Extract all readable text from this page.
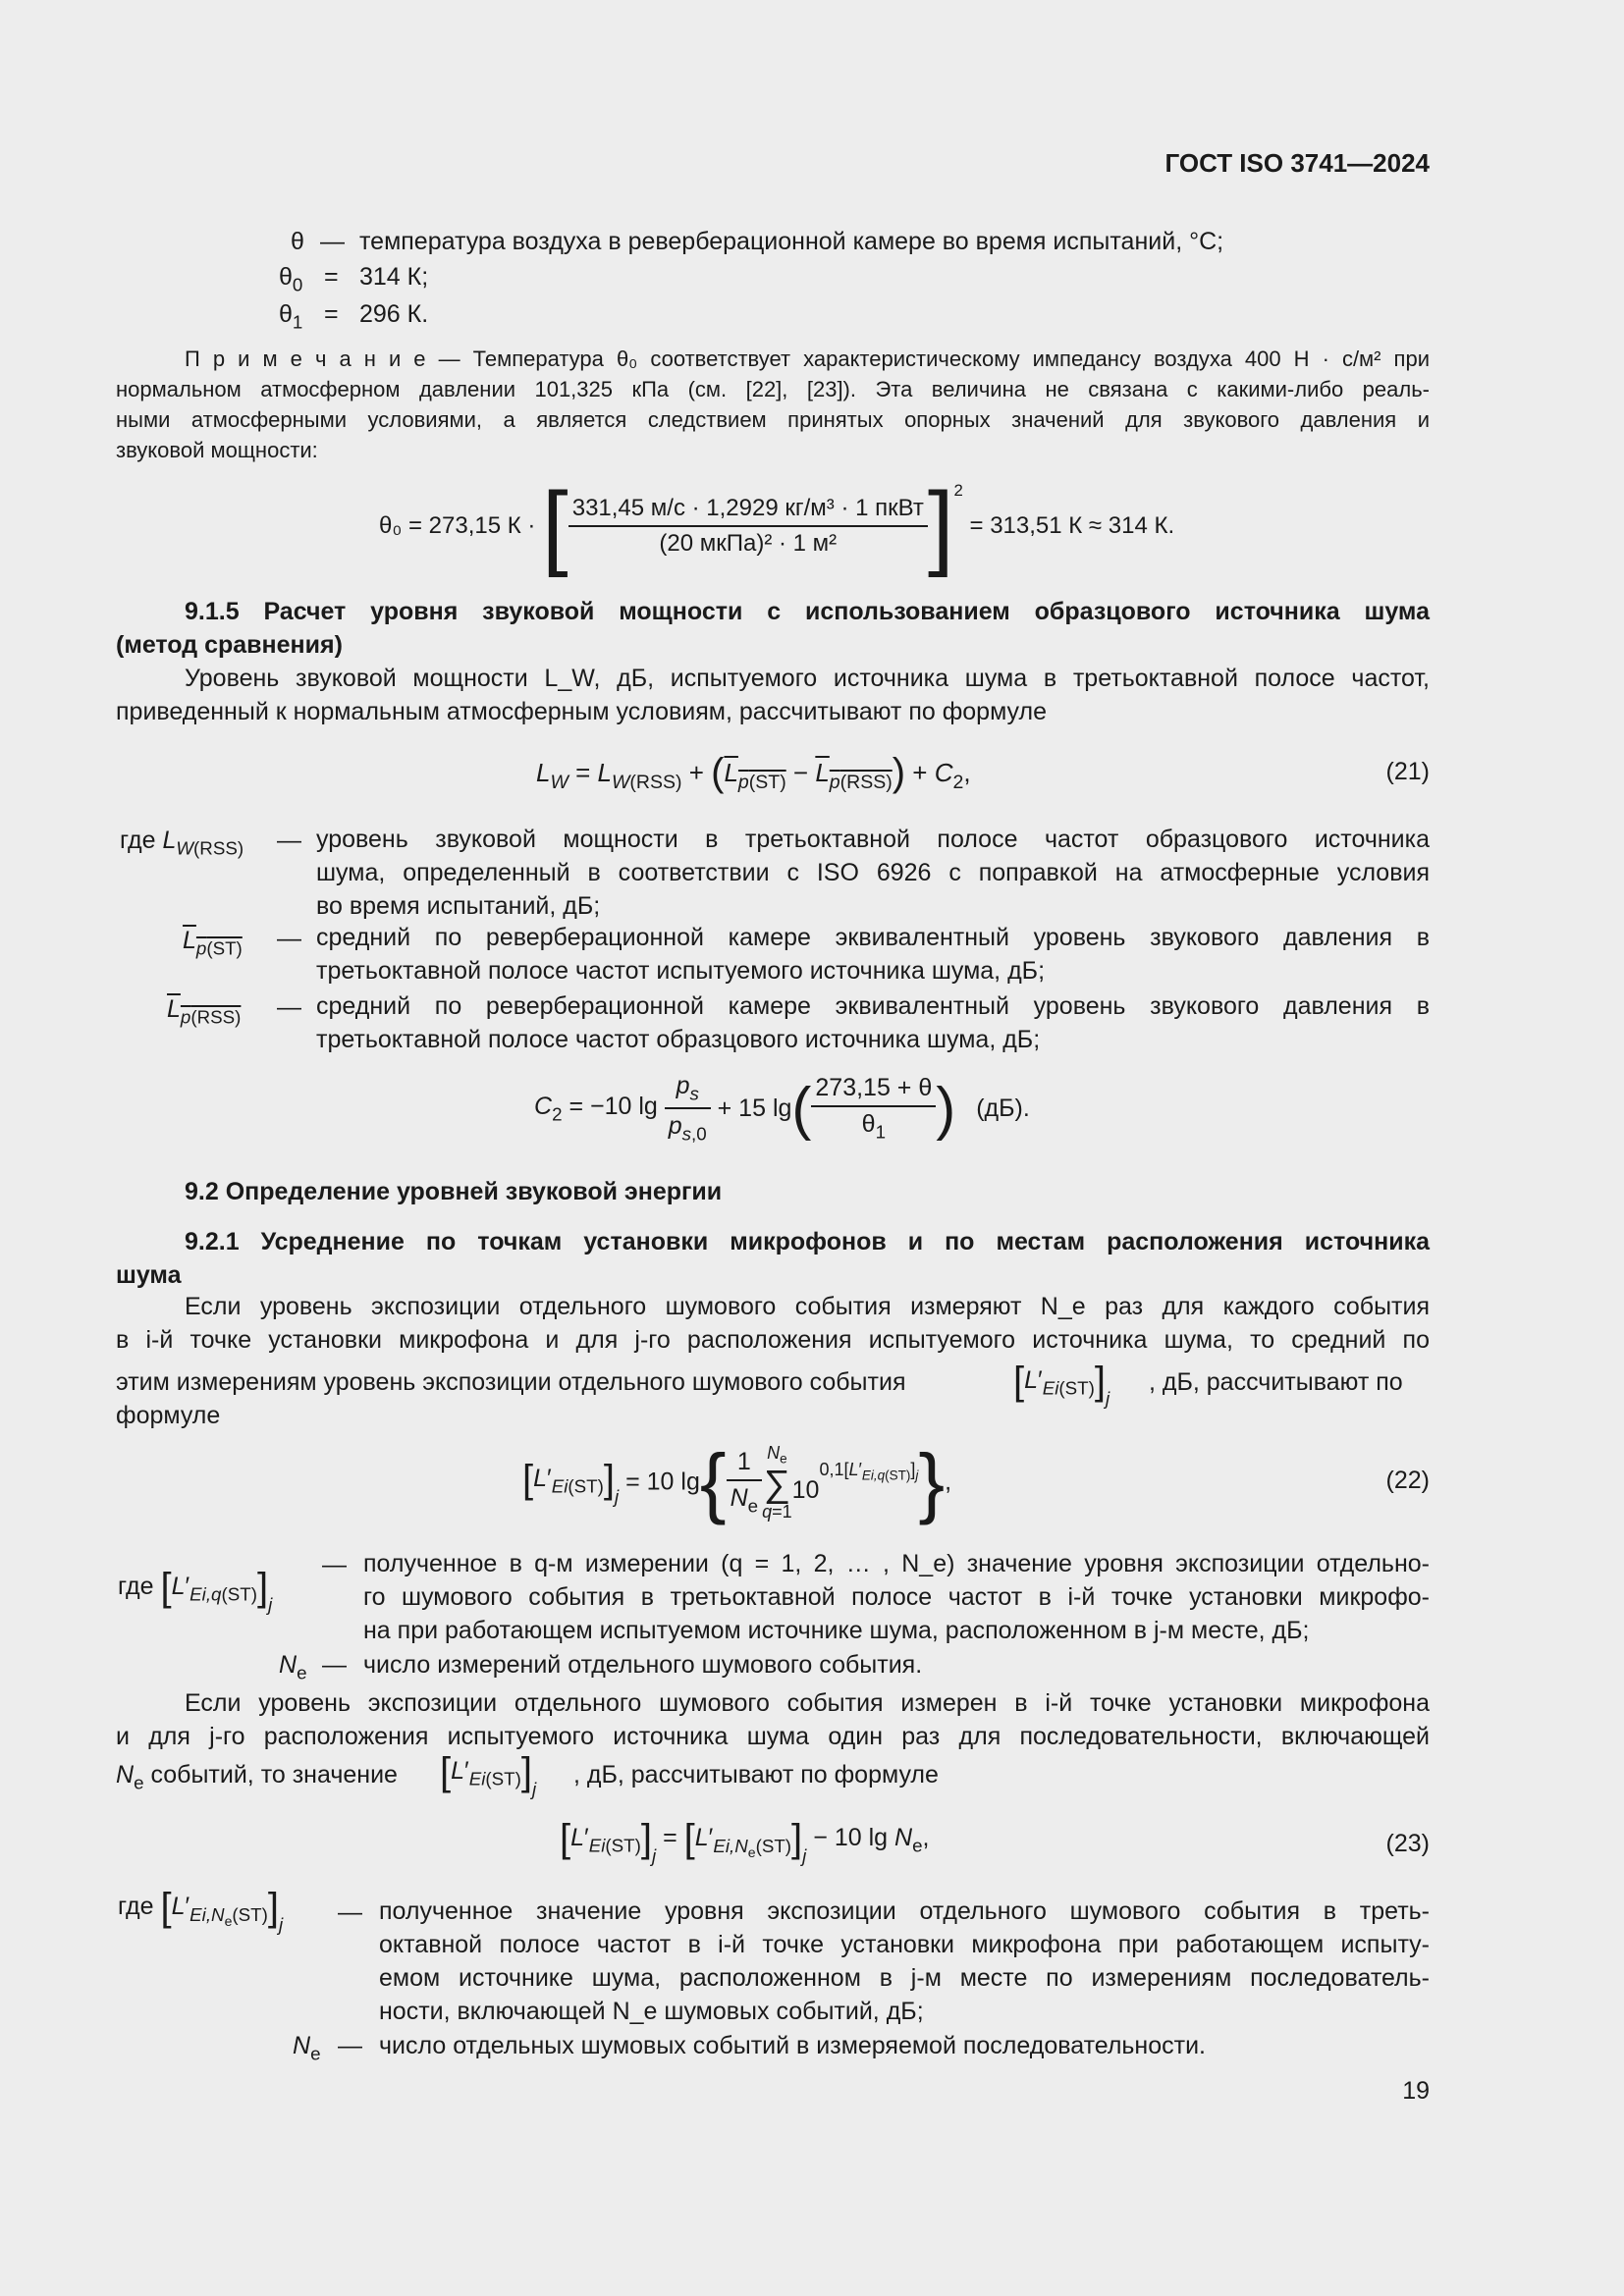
ГОСТ ISO 3741—2024
θ — температура воздуха в реверберационной камере во время испытаний, °С;
$\theta_0 = 314$ К;
$\theta_1 = 296$ К.
П р и м е ч а н и е — Температура θ₀ соответствует характеристическому импедансу воздуха 400 Н · с/м² при
нормальном атмосферном давлении 101,325 кПа (см. [22], [23]). Эта величина не связана с какими-либо реаль-
ными атмосферными условиями, а является следствием принятых опорных значений для звукового давления и
звуковой мощности:
θ₀ = 273,15 К · [ $\frac{\text{331,45 м/с · 1,2929 кг/м³ · 1 пкВт}}{\text{(20 мкПа)² · 1 м²}} ]^2 = 313,51$ К ≈ 314 К.
9.1.5 Расчет уровня звуковой мощности с использованием образцового источника шума
(метод сравнения)
Уровень звуковой мощности L_W, дБ, испытуемого источника шума в третьоктавной полосе частот,
приведенный к нормальным атмосферным условиям, рассчитывают по формуле
$L_W = L_{W(RSS)} + (L_{p(ST)} - L_{p(RSS)}) + C_2$,	(21)
где $L_{W(RSS)}$ — уровень звуковой мощности в третьоктавной полосе частот образцового источника
шума, определенный в соответствии с ISO 6926 с поправкой на атмосферные условия
во время испытаний, дБ;
$L_{p(ST)}$ — средний по реверберационной камере эквивалентный уровень звукового давления в
третьоктавной полосе частот испытуемого источника шума, дБ;
$L_{p(RSS)}$ — средний по реверберационной камере эквивалентный уровень звукового давления в
третьоктавной полосе частот образцового источника шума, дБ;
$C_2 = -10$ $\lg \frac{p_s}{p_{s,0}} + 15$ $\lg( \frac{273,15 + \theta}{\theta_1}$ ) (дБ).
9.2 Определение уровней звуковой энергии
9.2.1 Усреднение по точкам установки микрофонов и по местам расположения источника
шума
Если уровень экспозиции отдельного шумового события измеряют N_e раз для каждого события
в i-й точке установки микрофона и для j-го расположения испытуемого источника шума, то средний по
этим измерениям уровень экспозиции отдельного шумового события	$[L'_{Ei(ST)}]_j$
, дБ, рассчитывают по
формуле
$[L'_{Ei(ST)}]_j = 10$ $\lg\{ \frac{1}{N_e} N_e$
∑
q=1
$10^{0,1[L'_{Ei,q(ST)}]_j}$},	(22)
где $[L'_{Ei,q(ST)}]_j$
— полученное в q-м измерении (q = 1, 2, … , N_e) значение уровня экспозиции отдельно-
го шумового события в третьоктавной полосе частот в i-й точке установки микрофо-
на при работающем испытуемом источнике шума, расположенном в j-м месте, дБ;
$N_e$ — число измерений отдельного шумового события.
Если уровень экспозиции отдельного шумового события измерен в i-й точке установки микрофона
и для j-го расположения испытуемого источника шума один раз для последовательности, включающей
$N_e$ событий, то значение $[L'_{Ei(ST)}]_j$
, дБ, рассчитывают по формуле
$[L'_{Ei(ST)}]_j = [L'_{Ei,N_e(ST)}]_j - 10$ $\lg N_e$,	(23)
где $[L'_{Ei,N_e(ST)}]_j$ — полученное значение уровня экспозиции отдельного шумового события в треть-
октавной полосе частот в i-й точке установки микрофона при работающем испыту-
емом источнике шума, расположенном в j-м месте по измерениям последователь-
ности, включающей N_e шумовых событий, дБ;
$N_e$ — число отдельных шумовых событий в измеряемой последовательности.
19
